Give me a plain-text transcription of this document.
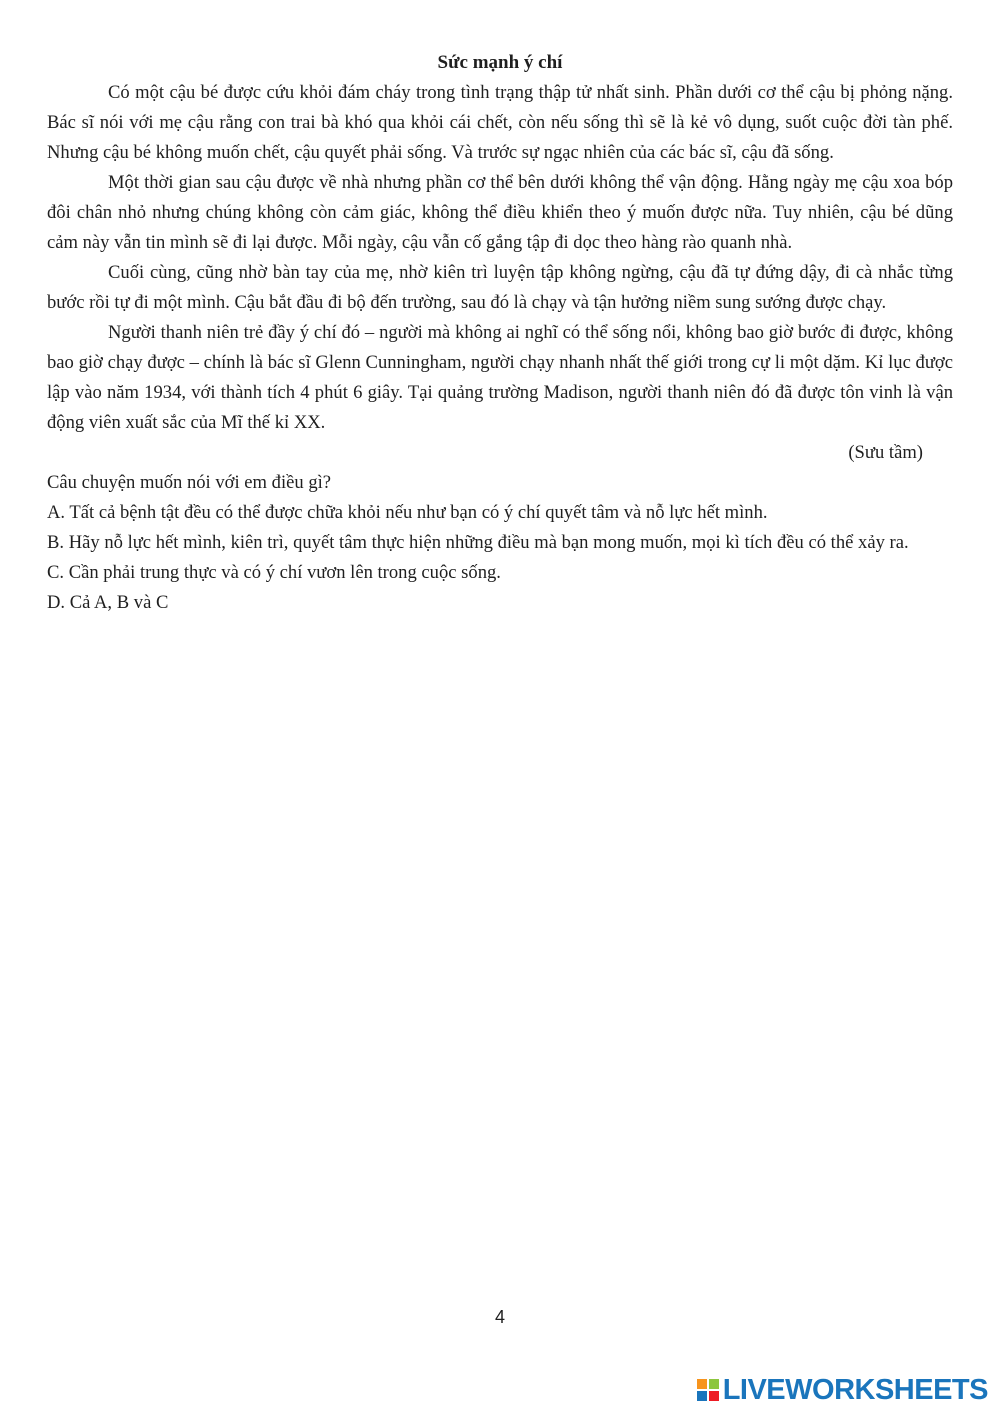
Sức mạnh ý chí

Có một cậu bé được cứu khỏi đám cháy trong tình trạng thập tử nhất sinh. Phần dưới cơ thể cậu bị phỏng nặng. Bác sĩ nói với mẹ cậu rằng con trai bà khó qua khỏi cái chết, còn nếu sống thì sẽ là kẻ vô dụng, suốt cuộc đời tàn phế. Nhưng cậu bé không muốn chết, cậu quyết phải sống. Và trước sự ngạc nhiên của các bác sĩ, cậu đã sống.

Một thời gian sau cậu được về nhà nhưng phần cơ thể bên dưới không thể vận động. Hằng ngày mẹ cậu xoa bóp đôi chân nhỏ nhưng chúng không còn cảm giác, không thể điều khiển theo ý muốn được nữa. Tuy nhiên, cậu bé dũng cảm này vẫn tin mình sẽ đi lại được. Mỗi ngày, cậu vẫn cố gắng tập đi dọc theo hàng rào quanh nhà.

Cuối cùng, cũng nhờ bàn tay của mẹ, nhờ kiên trì luyện tập không ngừng, cậu đã tự đứng dậy, đi cà nhắc từng bước rồi tự đi một mình. Cậu bắt đầu đi bộ đến trường, sau đó là chạy và tận hưởng niềm sung sướng được chạy.

Người thanh niên trẻ đầy ý chí đó – người mà không ai nghĩ có thể sống nổi, không bao giờ bước đi được, không bao giờ chạy được – chính là bác sĩ Glenn Cunningham, người chạy nhanh nhất thế giới trong cự li một dặm. Kỉ lục được lập vào năm 1934, với thành tích 4 phút 6 giây. Tại quảng trường Madison, người thanh niên đó đã được tôn vinh là vận động viên xuất sắc của Mĩ thế kỉ XX.

(Sưu tầm)

Câu chuyện muốn nói với em điều gì?

A. Tất cả bệnh tật đều có thể được chữa khỏi nếu như bạn có ý chí quyết tâm và nỗ lực hết mình.

B. Hãy nỗ lực hết mình, kiên trì, quyết tâm thực hiện những điều mà bạn mong muốn, mọi kì tích đều có thể xảy ra.

C. Cần phải trung thực và có ý chí vươn lên trong cuộc sống.

D. Cả A, B và C

4
LIVEWORKSHEETS
